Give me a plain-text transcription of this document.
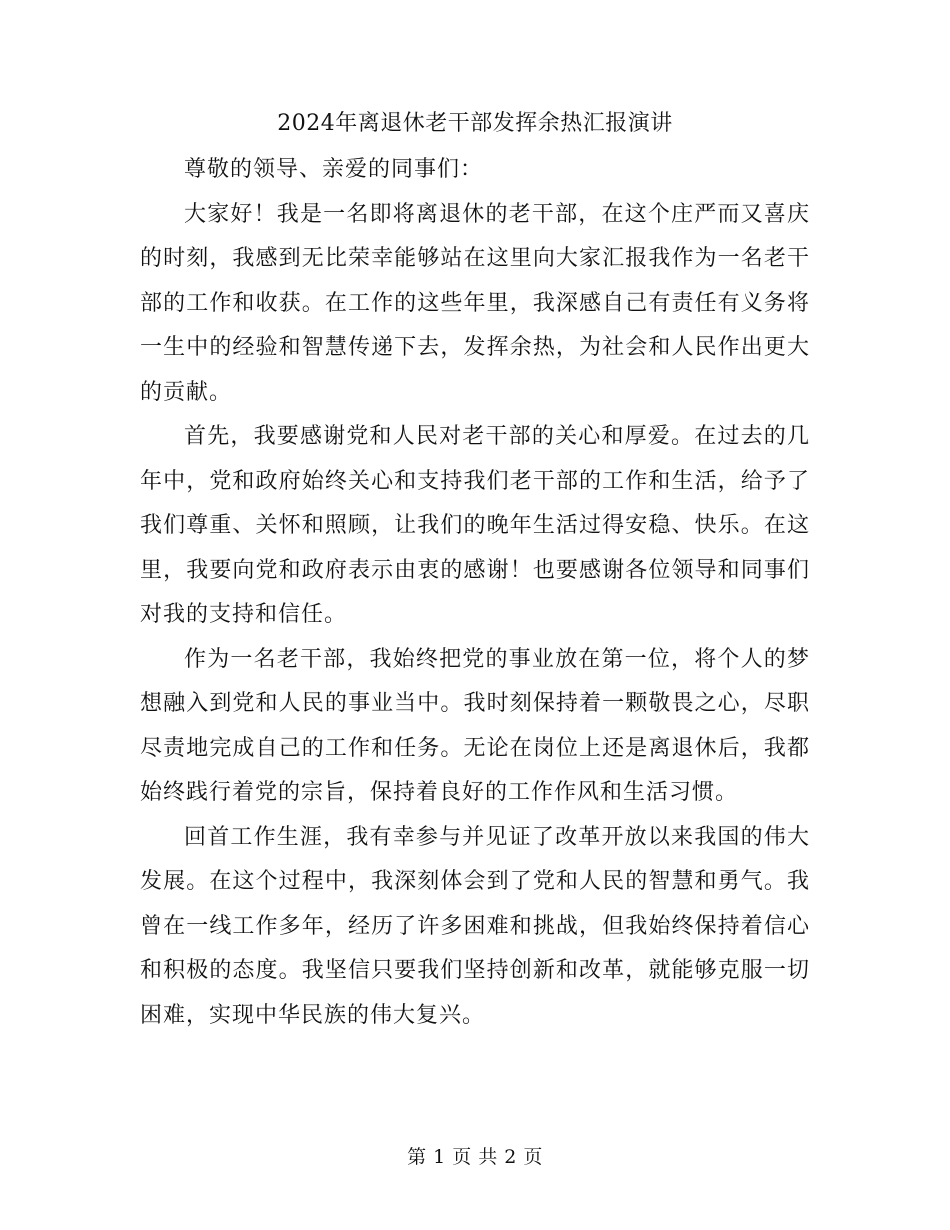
2024年离退休老干部发挥余热汇报演讲

尊敬的领导、亲爱的同事们：

大家好！我是一名即将离退休的老干部，在这个庄严而又喜庆的时刻，我感到无比荣幸能够站在这里向大家汇报我作为一名老干部的工作和收获。在工作的这些年里，我深感自己有责任有义务将一生中的经验和智慧传递下去，发挥余热，为社会和人民作出更大的贡献。

首先，我要感谢党和人民对老干部的关心和厚爱。在过去的几年中，党和政府始终关心和支持我们老干部的工作和生活，给予了我们尊重、关怀和照顾，让我们的晚年生活过得安稳、快乐。在这里，我要向党和政府表示由衷的感谢！也要感谢各位领导和同事们对我的支持和信任。

作为一名老干部，我始终把党的事业放在第一位，将个人的梦想融入到党和人民的事业当中。我时刻保持着一颗敬畏之心，尽职尽责地完成自己的工作和任务。无论在岗位上还是离退休后，我都始终践行着党的宗旨，保持着良好的工作作风和生活习惯。

回首工作生涯，我有幸参与并见证了改革开放以来我国的伟大发展。在这个过程中，我深刻体会到了党和人民的智慧和勇气。我曾在一线工作多年，经历了许多困难和挑战，但我始终保持着信心和积极的态度。我坚信只要我们坚持创新和改革，就能够克服一切困难，实现中华民族的伟大复兴。

第 1 页 共 2 页
